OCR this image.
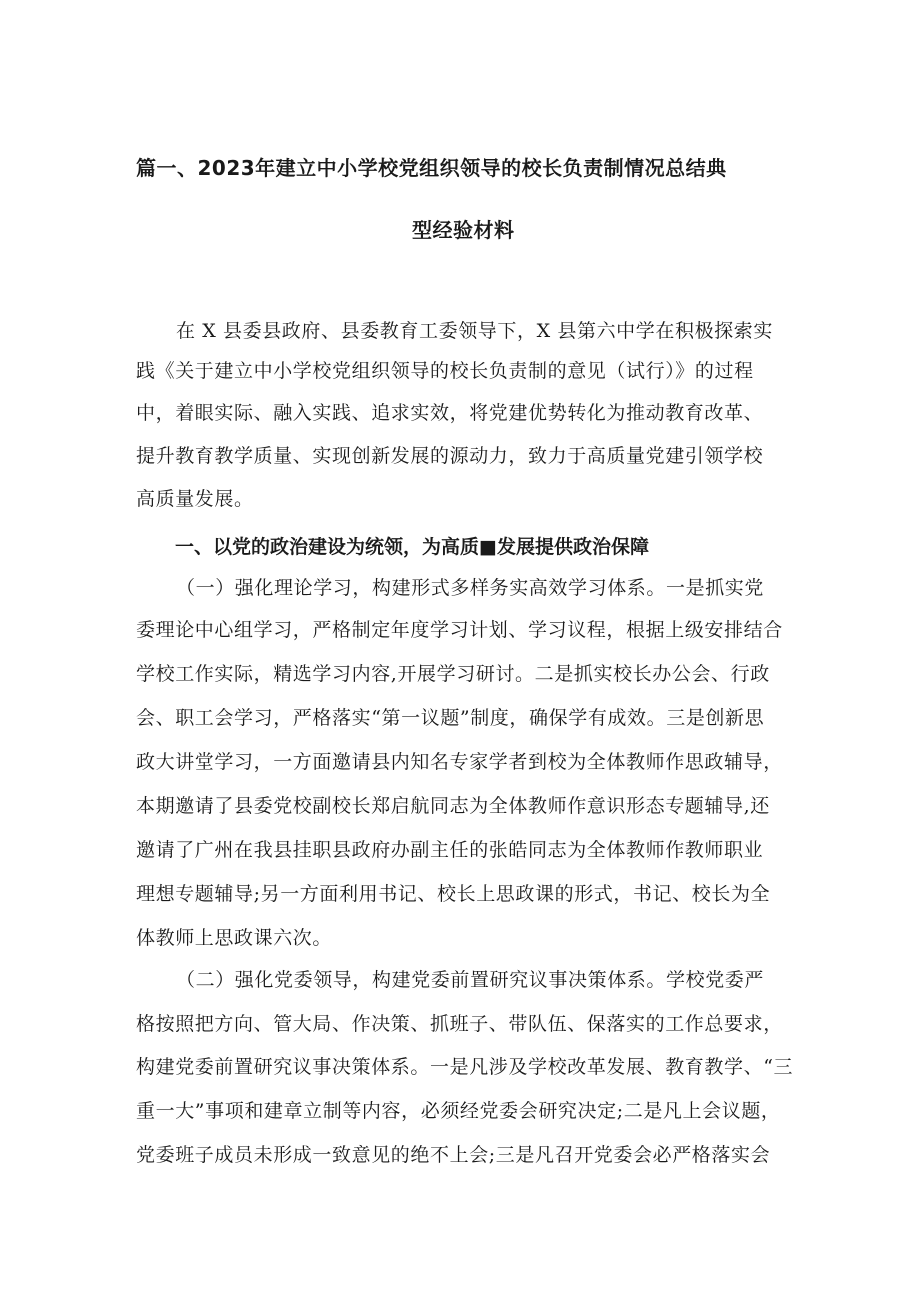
篇一、2023年建立中小学校党组织领导的校长负责制情况总结典
型经验材料
在 X 县委县政府、县委教育工委领导下，X 县第六中学在积极探索实
践《关于建立中小学校党组织领导的校长负责制的意见（试行）》的过程
中，着眼实际、融入实践、追求实效，将党建优势转化为推动教育改革、
提升教育教学质量、实现创新发展的源动力，致力于高质量党建引领学校
高质量发展。
一、以党的政治建设为统领，为高质■发展提供政治保障
（一）强化理论学习，构建形式多样务实高效学习体系。一是抓实党
委理论中心组学习，严格制定年度学习计划、学习议程，根据上级安排结合
学校工作实际，精选学习内容,开展学习研讨。二是抓实校长办公会、行政
会、职工会学习，严格落实“第一议题”制度，确保学有成效。三是创新思
政大讲堂学习，一方面邀请县内知名专家学者到校为全体教师作思政辅导，
本期邀请了县委党校副校长郑启航同志为全体教师作意识形态专题辅导,还
邀请了广州在我县挂职县政府办副主任的张皓同志为全体教师作教师职业
理想专题辅导;另一方面利用书记、校长上思政课的形式，书记、校长为全
体教师上思政课六次。
（二）强化党委领导，构建党委前置研究议事决策体系。学校党委严
格按照把方向、管大局、作决策、抓班子、带队伍、保落实的工作总要求，
构建党委前置研究议事决策体系。一是凡涉及学校改革发展、教育教学、“三
重一大”事项和建章立制等内容，必须经党委会研究决定;二是凡上会议题，
党委班子成员未形成一致意见的绝不上会;三是凡召开党委会必严格落实会
